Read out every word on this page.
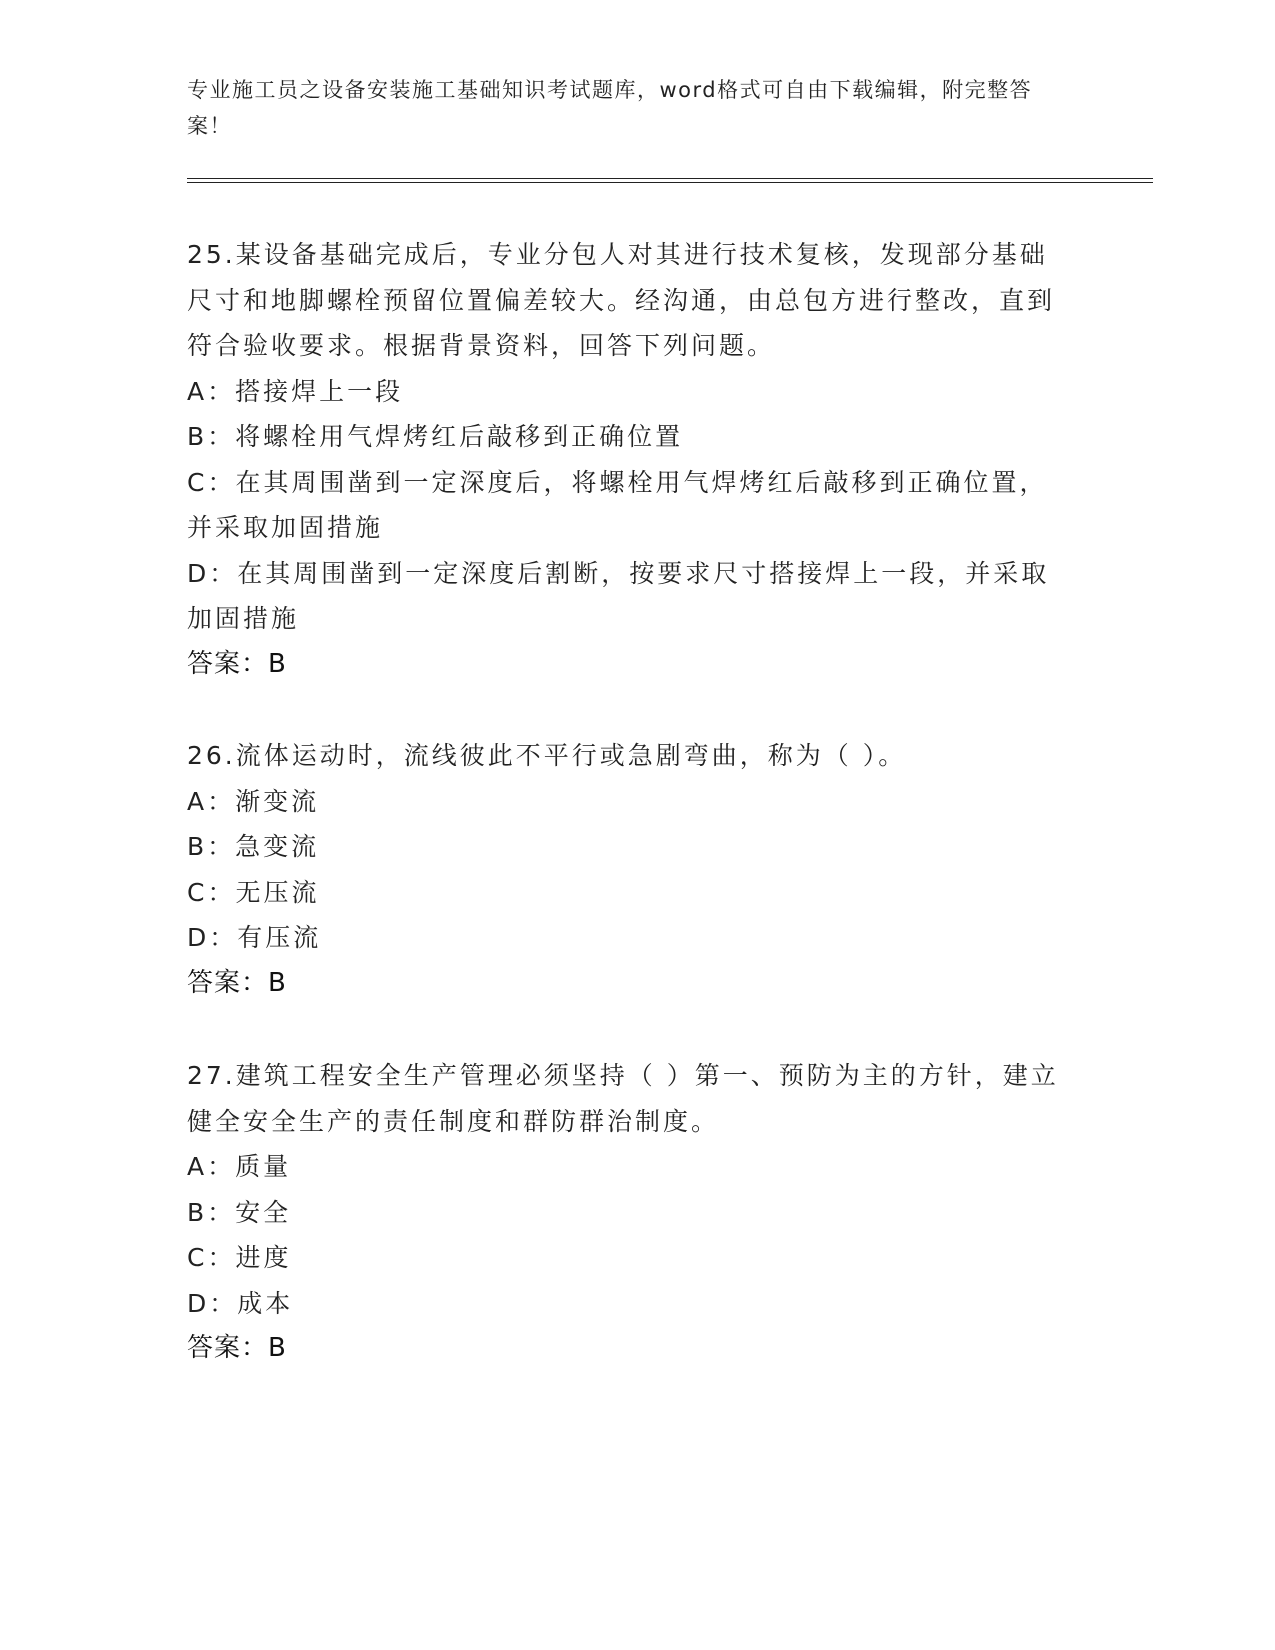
专业施工员之设备安装施工基础知识考试题库，word格式可自由下载编辑，附完整答案！
25.某设备基础完成后，专业分包人对其进行技术复核，发现部分基础尺寸和地脚螺栓预留位置偏差较大。经沟通，由总包方进行整改，直到符合验收要求。根据背景资料，回答下列问题。
A：搭接焊上一段
B：将螺栓用气焊烤红后敲移到正确位置
C：在其周围凿到一定深度后，将螺栓用气焊烤红后敲移到正确位置，并采取加固措施
D：在其周围凿到一定深度后割断，按要求尺寸搭接焊上一段，并采取加固措施
答案：B
26.流体运动时，流线彼此不平行或急剧弯曲，称为（ ）。
A：渐变流
B：急变流
C：无压流
D：有压流
答案：B
27.建筑工程安全生产管理必须坚持（ ）第一、预防为主的方针，建立健全安全生产的责任制度和群防群治制度。
A：质量
B：安全
C：进度
D：成本
答案：B
